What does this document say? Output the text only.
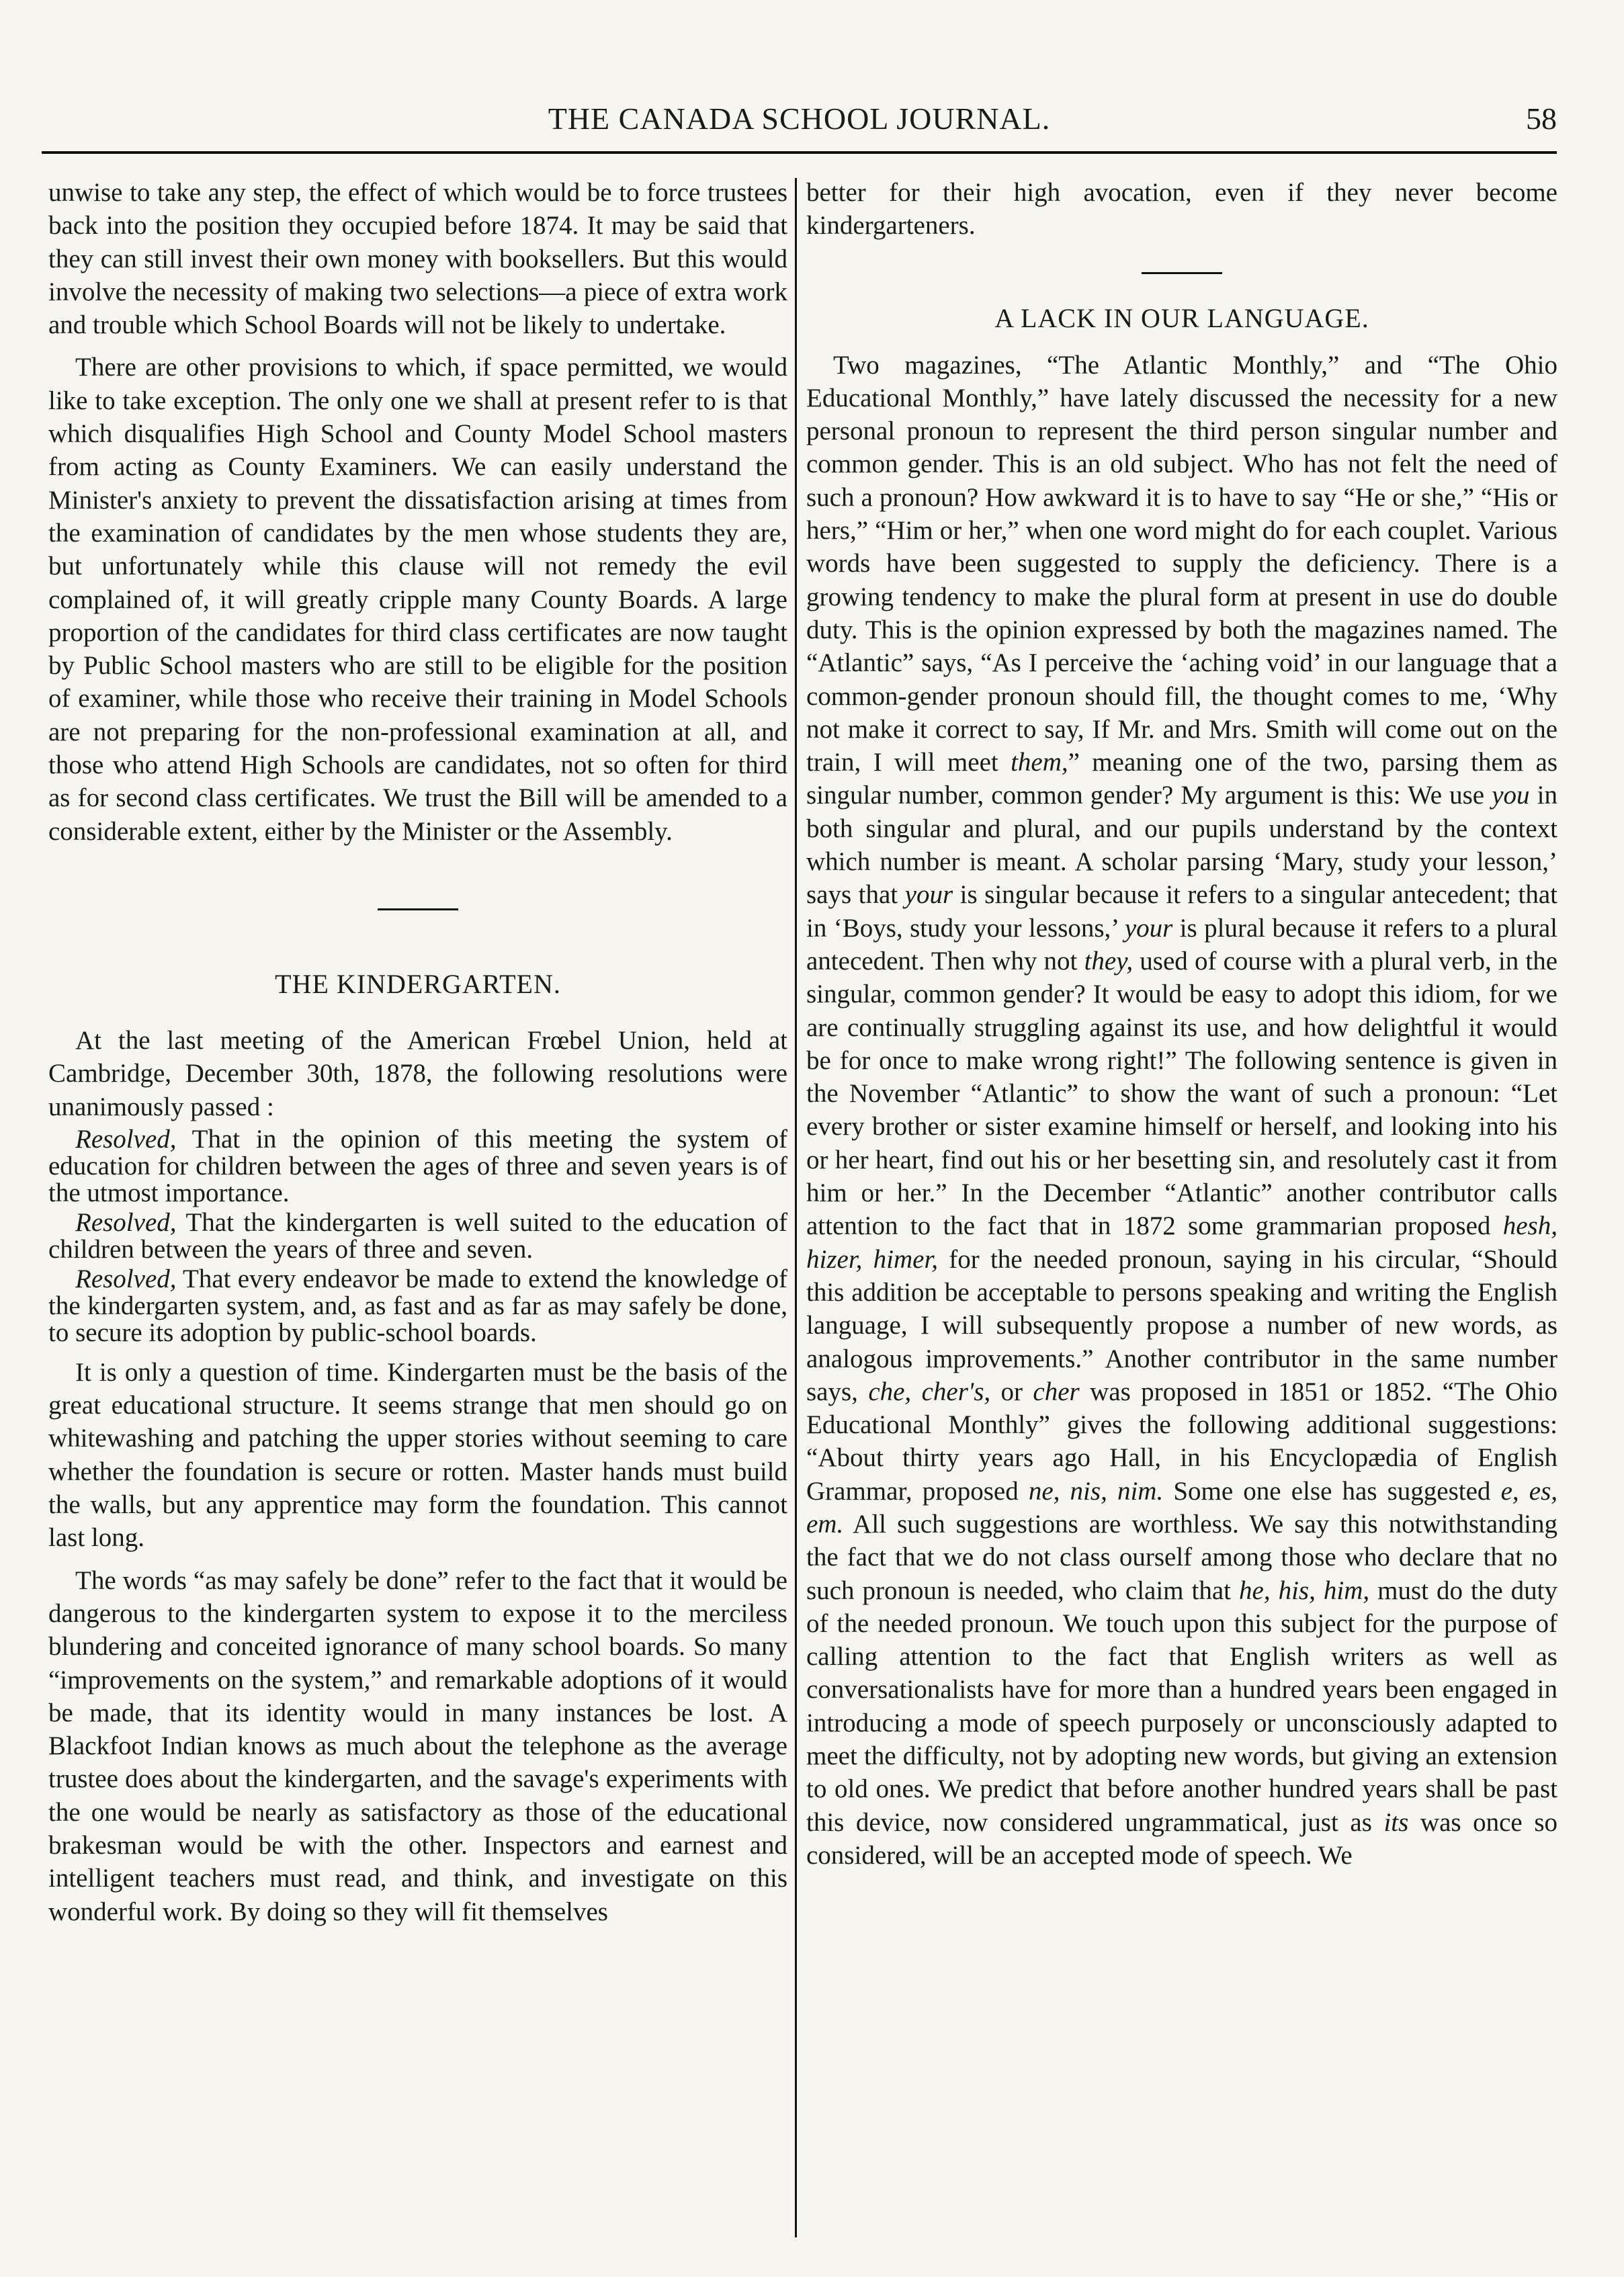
THE CANADA SCHOOL JOURNAL.	58

unwise to take any step, the effect of which would be to force trustees back into the position they occupied before 1874. It may be said that they can still invest their own money with booksellers. But this would involve the necessity of making two selections—a piece of extra work and trouble which School Boards will not be likely to undertake.

There are other provisions to which, if space permitted, we would like to take exception. The only one we shall at present refer to is that which disqualifies High School and County Model School masters from acting as County Examiners. We can easily understand the Minister's anxiety to prevent the dissatisfaction arising at times from the examination of candidates by the men whose students they are, but unfortunately while this clause will not remedy the evil complained of, it will greatly cripple many County Boards. A large proportion of the candidates for third class certificates are now taught by Public School masters who are still to be eligible for the position of examiner, while those who receive their training in Model Schools are not preparing for the non-professional examination at all, and those who attend High Schools are candidates, not so often for third as for second class certificates. We trust the Bill will be amended to a considerable extent, either by the Minister or the Assembly.

THE KINDERGARTEN.

At the last meeting of the American Frœbel Union, held at Cambridge, December 30th, 1878, the following resolutions were unanimously passed :

Resolved, That in the opinion of this meeting the system of education for children between the ages of three and seven years is of the utmost importance.

Resolved, That the kindergarten is well suited to the education of children between the years of three and seven.

Resolved, That every endeavor be made to extend the knowledge of the kindergarten system, and, as fast and as far as may safely be done, to secure its adoption by public-school boards.

It is only a question of time. Kindergarten must be the basis of the great educational structure. It seems strange that men should go on whitewashing and patching the upper stories without seeming to care whether the foundation is secure or rotten. Master hands must build the walls, but any apprentice may form the foundation. This cannot last long.

The words “as may safely be done” refer to the fact that it would be dangerous to the kindergarten system to expose it to the merciless blundering and conceited ignorance of many school boards. So many “improvements on the system,” and remarkable adoptions of it would be made, that its identity would in many instances be lost. A Blackfoot Indian knows as much about the telephone as the average trustee does about the kindergarten, and the savage's experiments with the one would be nearly as satisfactory as those of the educational brakesman would be with the other. Inspectors and earnest and intelligent teachers must read, and think, and investigate on this wonderful work. By doing so they will fit themselves

better for their high avocation, even if they never become kindergarteners.

A LACK IN OUR LANGUAGE.

Two magazines, “The Atlantic Monthly,” and “The Ohio Educational Monthly,” have lately discussed the necessity for a new personal pronoun to represent the third person singular number and common gender. This is an old subject. Who has not felt the need of such a pronoun? How awkward it is to have to say “He or she,” “His or hers,” “Him or her,” when one word might do for each couplet. Various words have been suggested to supply the deficiency. There is a growing tendency to make the plural form at present in use do double duty. This is the opinion expressed by both the magazines named. The “Atlantic” says, “As I perceive the ‘aching void’ in our language that a common-gender pronoun should fill, the thought comes to me, ‘Why not make it correct to say, If Mr. and Mrs. Smith will come out on the train, I will meet them,” meaning one of the two, parsing them as singular number, common gender? My argument is this: We use you in both singular and plural, and our pupils understand by the context which number is meant. A scholar parsing ‘Mary, study your lesson,’ says that your is singular because it refers to a singular antecedent; that in ‘Boys, study your lessons,’ your is plural because it refers to a plural antecedent. Then why not they, used of course with a plural verb, in the singular, common gender? It would be easy to adopt this idiom, for we are continually struggling against its use, and how delightful it would be for once to make wrong right!” The following sentence is given in the November “Atlantic” to show the want of such a pronoun: “Let every brother or sister examine himself or herself, and looking into his or her heart, find out his or her besetting sin, and resolutely cast it from him or her.” In the December “Atlantic” another contributor calls attention to the fact that in 1872 some grammarian proposed hesh, hizer, himer, for the needed pronoun, saying in his circular, “Should this addition be acceptable to persons speaking and writing the English language, I will subsequently propose a number of new words, as analogous improvements.” Another contributor in the same number says, che, cher's, or cher was proposed in 1851 or 1852. “The Ohio Educational Monthly” gives the following additional suggestions: “About thirty years ago Hall, in his Encyclopædia of English Grammar, proposed ne, nis, nim. Some one else has suggested e, es, em. All such suggestions are worthless. We say this notwithstanding the fact that we do not class ourself among those who declare that no such pronoun is needed, who claim that he, his, him, must do the duty of the needed pronoun. We touch upon this subject for the purpose of calling attention to the fact that English writers as well as conversationalists have for more than a hundred years been engaged in introducing a mode of speech purposely or unconsciously adapted to meet the difficulty, not by adopting new words, but giving an extension to old ones. We predict that before another hundred years shall be past this device, now considered ungrammatical, just as its was once so considered, will be an accepted mode of speech. We
